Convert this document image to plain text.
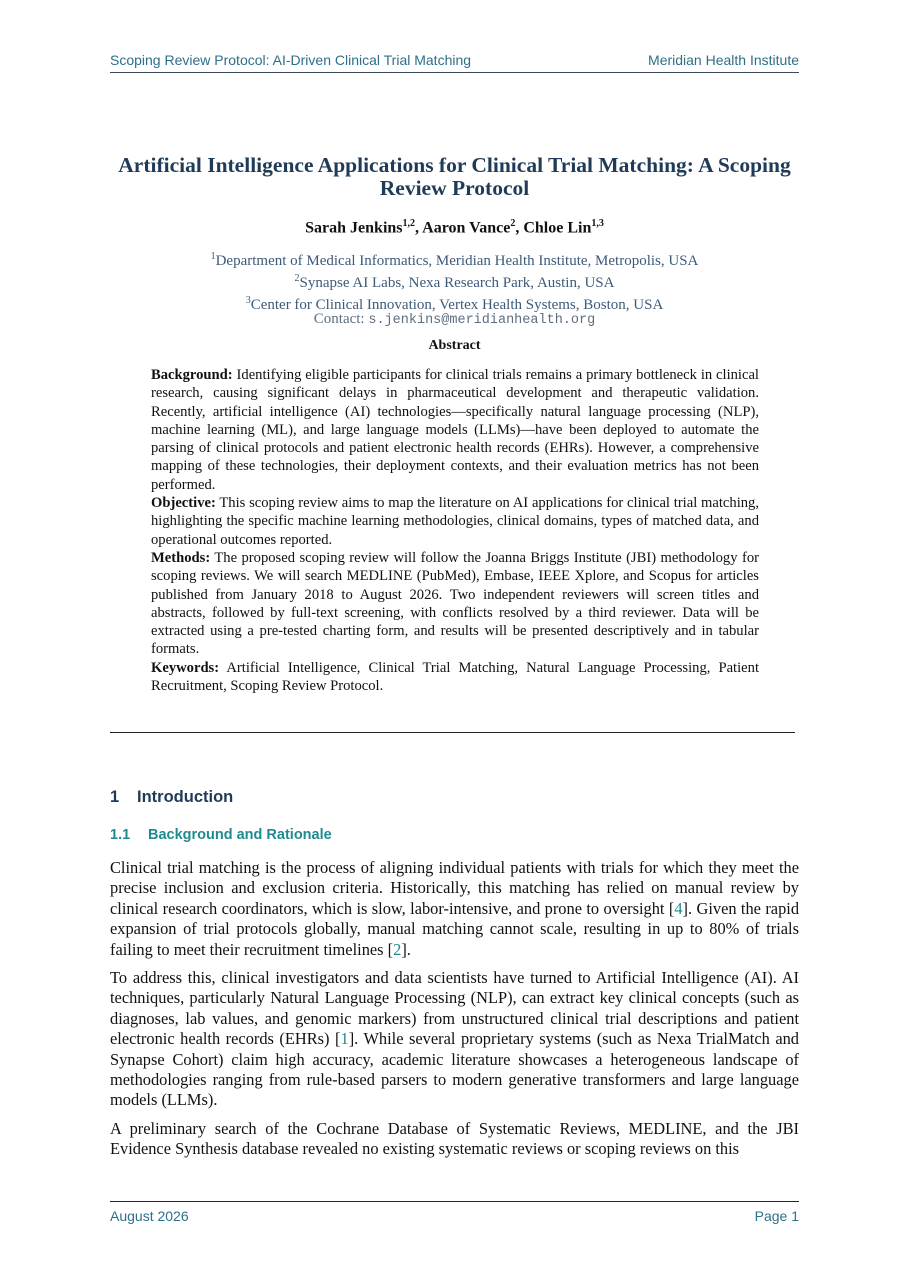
Scoping Review Protocol: AI-Driven Clinical Trial Matching	Meridian Health Institute
Artificial Intelligence Applications for Clinical Trial Matching: A Scoping Review Protocol
Sarah Jenkins$^{1,2}$, Aaron Vance$^2$, Chloe Lin$^{1,3}$
$^1$Department of Medical Informatics, Meridian Health Institute, Metropolis, USA
$^2$Synapse AI Labs, Nexa Research Park, Austin, USA
$^3$Center for Clinical Innovation, Vertex Health Systems, Boston, USA
Contact: s.jenkins@meridianhealth.org
Abstract

Background: Identifying eligible participants for clinical trials remains a primary bottleneck in clinical research, causing significant delays in pharmaceutical development and therapeutic validation. Recently, artificial intelligence (AI) technologies—specifically natural language processing (NLP), machine learning (ML), and large language models (LLMs)—have been deployed to automate the parsing of clinical protocols and patient electronic health records (EHRs). However, a comprehensive mapping of these technologies, their deployment contexts, and their evaluation metrics has not been performed.

Objective: This scoping review aims to map the literature on AI applications for clinical trial matching, highlighting the specific machine learning methodologies, clinical domains, types of matched data, and operational outcomes reported.

Methods: The proposed scoping review will follow the Joanna Briggs Institute (JBI) methodology for scoping reviews. We will search MEDLINE (PubMed), Embase, IEEE Xplore, and Scopus for articles published from January 2018 to August 2026. Two independent reviewers will screen titles and abstracts, followed by full-text screening, with conflicts resolved by a third reviewer. Data will be extracted using a pre-tested charting form, and results will be presented descriptively and in tabular formats.

Keywords: Artificial Intelligence, Clinical Trial Matching, Natural Language Processing, Patient Recruitment, Scoping Review Protocol.

1 Introduction
1.1 Background and Rationale

Clinical trial matching is the process of aligning individual patients with trials for which they meet the precise inclusion and exclusion criteria. Historically, this matching has relied on manual review by clinical research coordinators, which is slow, labor-intensive, and prone to oversight [4]. Given the rapid expansion of trial protocols globally, manual matching cannot scale, resulting in up to 80% of trials failing to meet their recruitment timelines [2].

To address this, clinical investigators and data scientists have turned to Artificial Intelligence (AI). AI techniques, particularly Natural Language Processing (NLP), can extract key clinical concepts (such as diagnoses, lab values, and genomic markers) from unstructured clinical trial descriptions and patient electronic health records (EHRs) [1]. While several proprietary systems (such as Nexa TrialMatch and Synapse Cohort) claim high accuracy, academic literature showcases a heterogeneous landscape of methodologies ranging from rule-based parsers to modern generative transformers and large language models (LLMs).

A preliminary search of the Cochrane Database of Systematic Reviews, MEDLINE, and the JBI Evidence Synthesis database revealed no existing systematic reviews or scoping reviews on this

August 2026	Page 1
